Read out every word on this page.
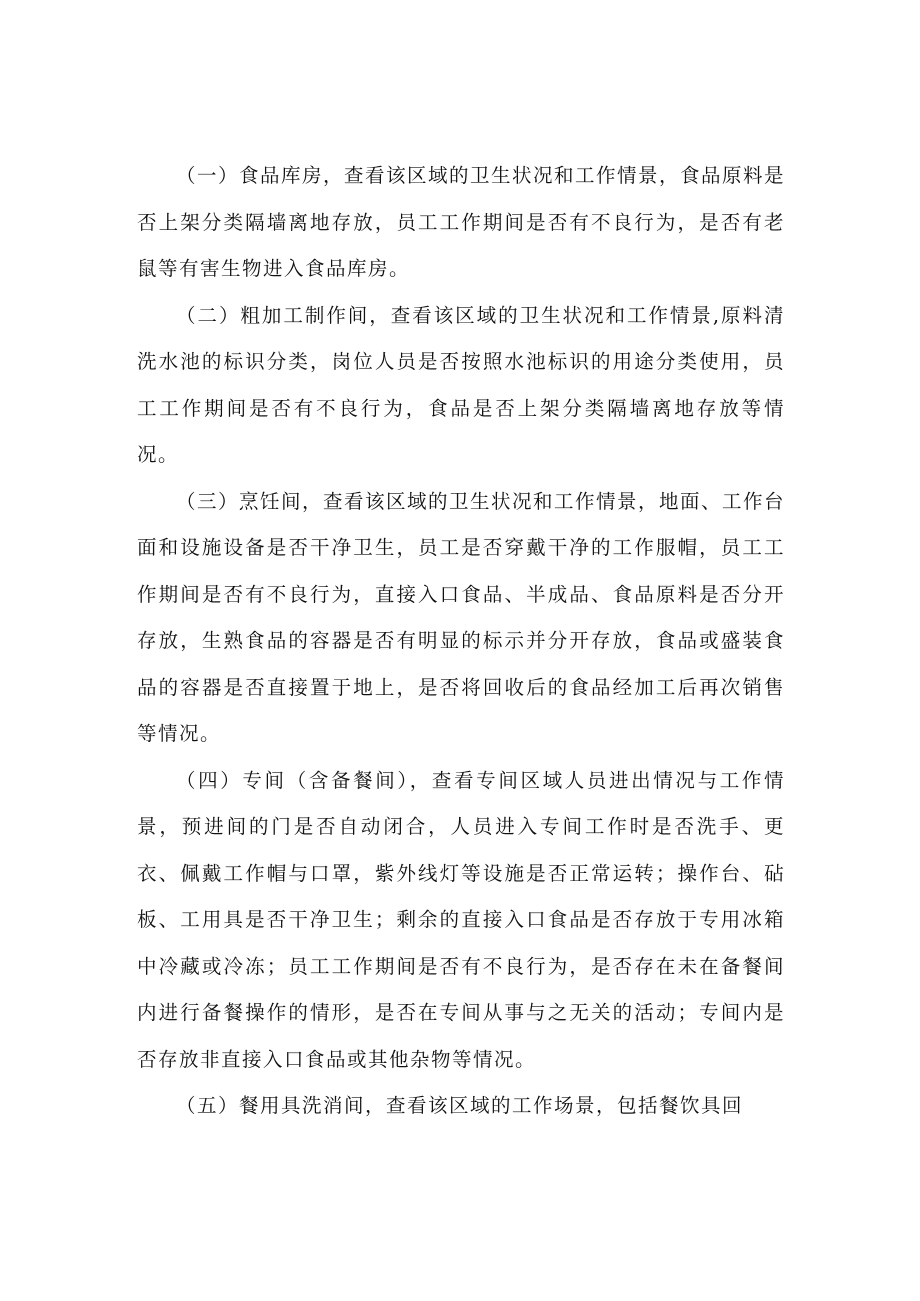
（一）食品库房，查看该区域的卫生状况和工作情景，食品原料是否上架分类隔墙离地存放，员工工作期间是否有不良行为，是否有老鼠等有害生物进入食品库房。

（二）粗加工制作间，查看该区域的卫生状况和工作情景,原料清洗水池的标识分类，岗位人员是否按照水池标识的用途分类使用，员工工作期间是否有不良行为，食品是否上架分类隔墙离地存放等情况。

（三）烹饪间，查看该区域的卫生状况和工作情景，地面、工作台面和设施设备是否干净卫生，员工是否穿戴干净的工作服帽，员工工作期间是否有不良行为，直接入口食品、半成品、食品原料是否分开存放，生熟食品的容器是否有明显的标示并分开存放，食品或盛装食品的容器是否直接置于地上，是否将回收后的食品经加工后再次销售等情况。

（四）专间（含备餐间），查看专间区域人员进出情况与工作情景，预进间的门是否自动闭合，人员进入专间工作时是否洗手、更衣、佩戴工作帽与口罩，紫外线灯等设施是否正常运转；操作台、砧板、工用具是否干净卫生；剩余的直接入口食品是否存放于专用冰箱中冷藏或冷冻；员工工作期间是否有不良行为，是否存在未在备餐间内进行备餐操作的情形，是否在专间从事与之无关的活动；专间内是否存放非直接入口食品或其他杂物等情况。

（五）餐用具洗消间，查看该区域的工作场景，包括餐饮具回
